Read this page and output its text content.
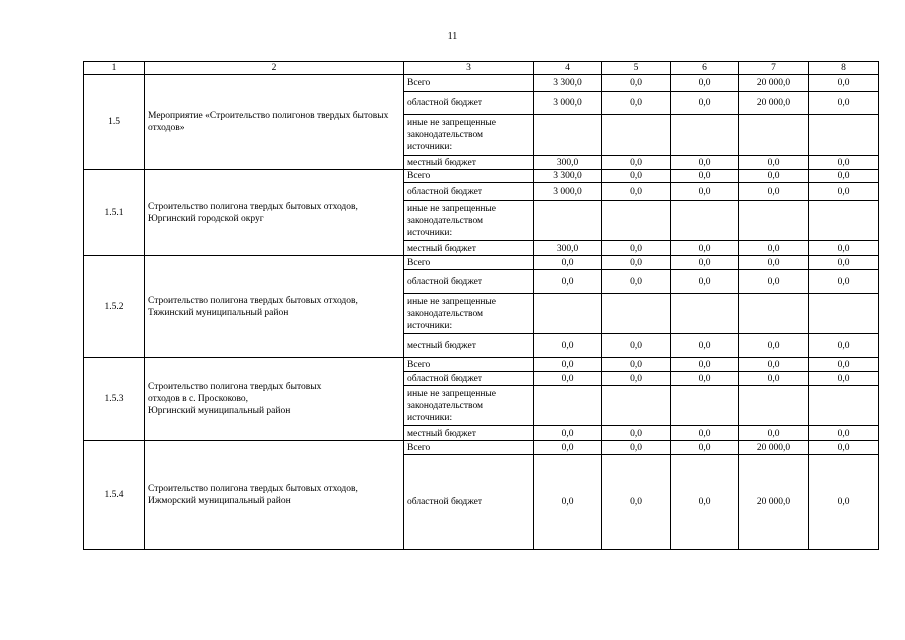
11
1	2	3	4	5	6	7	8
1.5	Мероприятие «Строительство полигонов твердых бытовых отходов»	Всего	3 300,0	0,0	0,0	20 000,0	0,0
		областной бюджет	3 000,0	0,0	0,0	20 000,0	0,0
		иные не запрещенные законодательством источники:					
		местный бюджет	300,0	0,0	0,0	0,0	0,0
1.5.1	Строительство полигона твердых бытовых отходов, Юргинский городской округ	Всего	3 300,0	0,0	0,0	0,0	0,0
		областной бюджет	3 000,0	0,0	0,0	0,0	0,0
		иные не запрещенные законодательством источники:					
		местный бюджет	300,0	0,0	0,0	0,0	0,0
1.5.2	Строительство полигона твердых бытовых отходов, Тяжинский муниципальный район	Всего	0,0	0,0	0,0	0,0	0,0
		областной бюджет	0,0	0,0	0,0	0,0	0,0
		иные не запрещенные законодательством источники:					
		местный бюджет	0,0	0,0	0,0	0,0	0,0
1.5.3	Строительство полигона твердых бытовых
отходов в с. Проскоково,
Юргинский муниципальный район	Всего	0,0	0,0	0,0	0,0	0,0
		областной бюджет	0,0	0,0	0,0	0,0	0,0
		иные не запрещенные законодательством источники:					
		местный бюджет	0,0	0,0	0,0	0,0	0,0
1.5.4	Строительство полигона твердых бытовых отходов, Ижморский муниципальный район	Всего	0,0	0,0	0,0	20 000,0	0,0
		областной бюджет	0,0	0,0	0,0	20 000,0	0,0
